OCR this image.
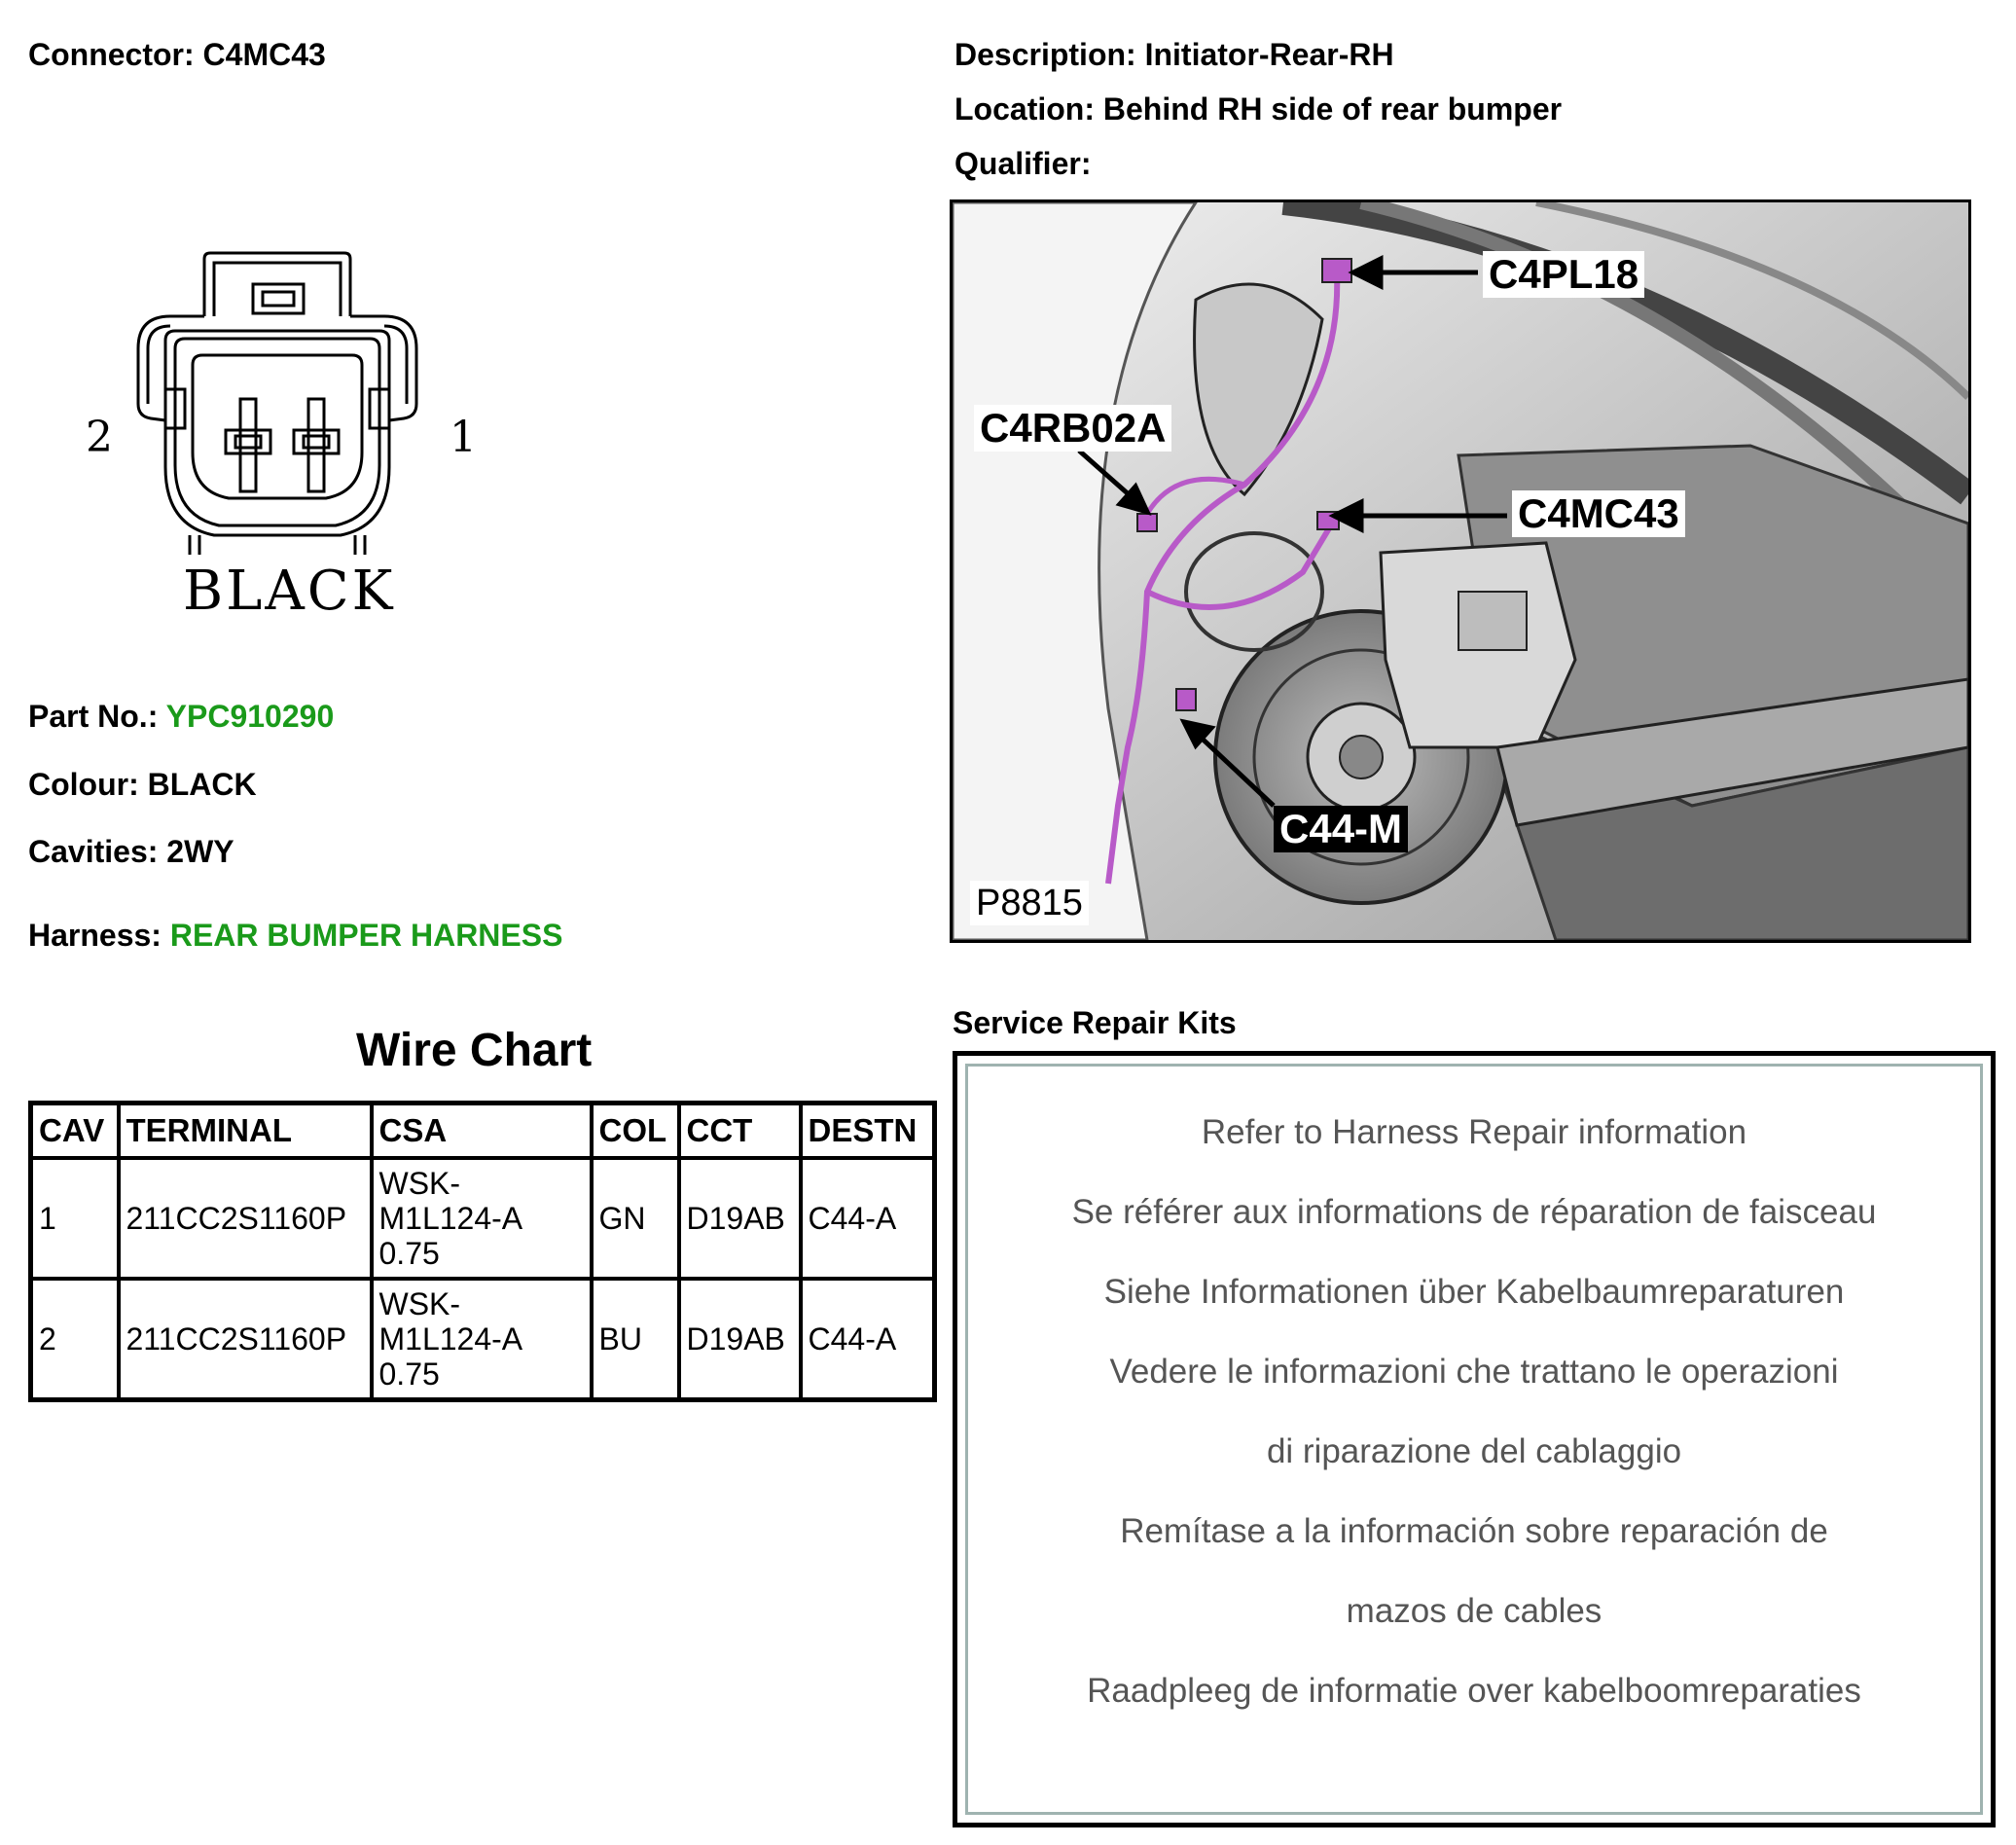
Connector: C4MC43	Description: Initiator-Rear-RH
Location: Behind RH side of rear bumper
Qualifier:
2	1
BLACK
Part No.: YPC910290
Colour: BLACK
Cavities: 2WY
Harness: REAR BUMPER HARNESS
Wire Chart
CAV	TERMINAL	CSA	COL	CCT	DESTN
1	211CC2S1160P	WSK-
M1L124-A
0.75	GN	D19AB	C44-A
2	211CC2S1160P	WSK-
M1L124-A
0.75	BU	D19AB	C44-A
C4PL18
C4RB02A
C4MC43
C44-M
P8815
Service Repair Kits
Refer to Harness Repair information
Se référer aux informations de réparation de faisceau
Siehe Informationen über Kabelbaumreparaturen
Vedere le informazioni che trattano le operazioni
di riparazione del cablaggio
Remítase a la información sobre reparación de
mazos de cables
Raadpleeg de informatie over kabelboomreparaties
